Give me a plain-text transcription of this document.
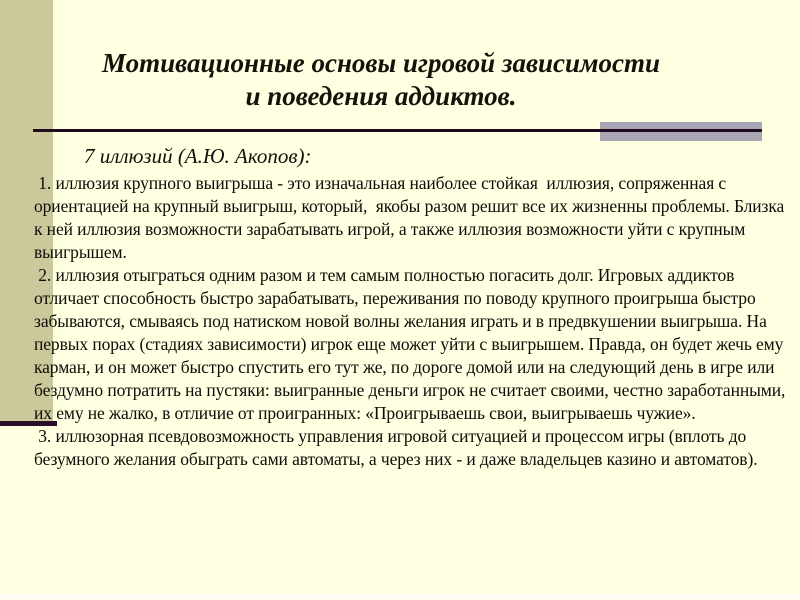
Мотивационные основы игровой зависимости
и поведения аддиктов.
7 иллюзий (А.Ю. Акопов):

1. иллюзия крупного выигрыша - это изначальная наиболее стойкая  иллюзия, сопряженная с ориентацией на крупный выигрыш, который,  якобы разом решит все их жизненны проблемы. Близка к ней иллюзия возможности зарабатывать игрой, а также иллюзия возможности уйти с крупным выигрышем.

2. иллюзия отыграться одним разом и тем самым полностью погасить долг. Игровых аддиктов отличает способность быстро зарабатывать, переживания по поводу крупного проигрыша быстро забываются, смываясь под натиском новой волны желания играть и в предвкушении выигрыша. На первых порах (стадиях зависимости) игрок еще может уйти с выигрышем. Правда, он будет жечь ему карман, и он может быстро спустить его тут же, по дороге домой или на следующий день в игре или бездумно потратить на пустяки: выигранные деньги игрок не считает своими, честно заработанными, их ему не жалко, в отличие от проигранных: «Проигрываешь свои, выигрываешь чужие».

3. иллюзорная псевдовозможность управления игровой ситуацией и процессом игры (вплоть до безумного желания обыграть сами автоматы, а через них - и даже владельцев казино и автоматов).
